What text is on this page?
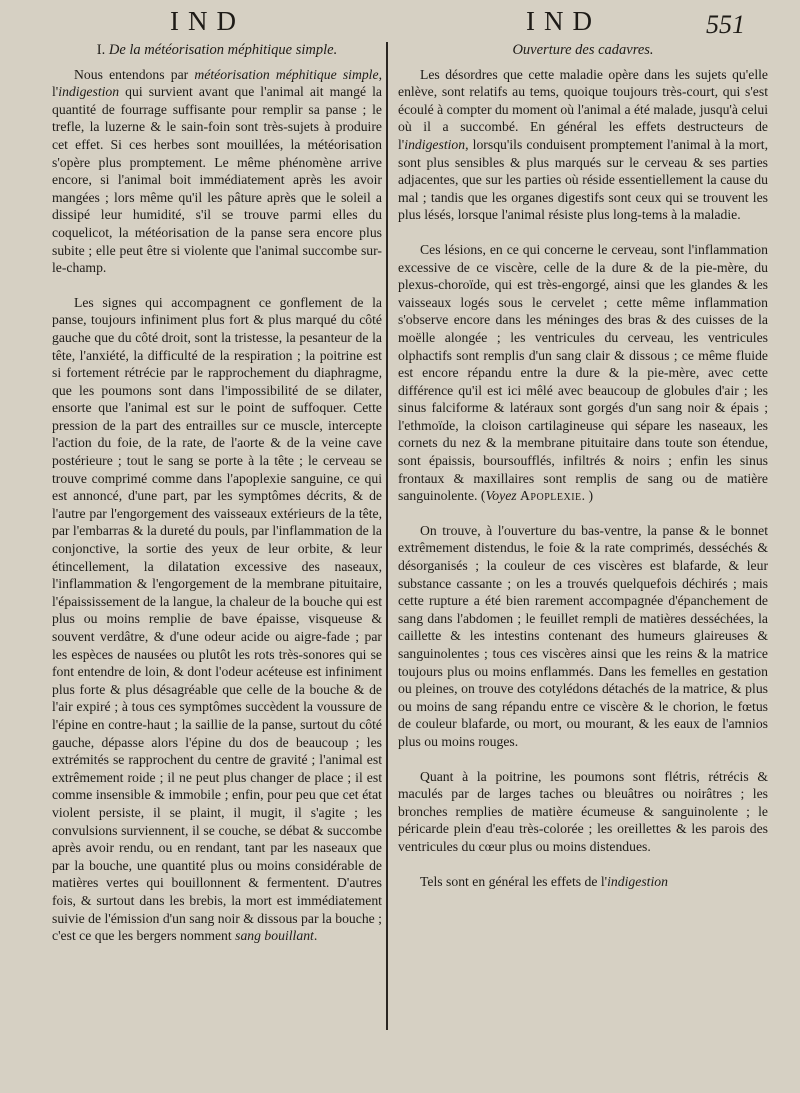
IND	IND	551
I. De la météorisation méphitique simple.

Nous entendons par météorisation méphitique simple, l'indigestion qui survient avant que l'animal ait mangé la quantité de fourrage suffisante pour remplir sa panse ; le trefle, la luzerne & le sain-foin sont très-sujets à produire cet effet. Si ces herbes sont mouillées, la météorisation s'opère plus promptement. Le même phénomène arrive encore, si l'animal boit immédiatement après les avoir mangées ; lors même qu'il les pâture après que le soleil a dissipé leur humidité, s'il se trouve parmi elles du coquelicot, la météorisation de la panse sera encore plus subite ; elle peut être si violente que l'animal succombe sur-le-champ.

Les signes qui accompagnent ce gonflement de la panse, toujours infiniment plus fort & plus marqué du côté gauche que du côté droit, sont la tristesse, la pesanteur de la tête, l'anxiété, la difficulté de la respiration ; la poitrine est si fortement rétrécie par le rapprochement du diaphragme, que les poumons sont dans l'impossibilité de se dilater, ensorte que l'animal est sur le point de suffoquer. Cette pression de la part des entrailles sur ce muscle, intercepte l'action du foie, de la rate, de l'aorte & de la veine cave postérieure ; tout le sang se porte à la tête ; le cerveau se trouve comprimé comme dans l'apoplexie sanguine, ce qui est annoncé, d'une part, par les symptômes décrits, & de l'autre par l'engorgement des vaisseaux extérieurs de la tête, par l'embarras & la dureté du pouls, par l'inflammation de la conjonctive, la sortie des yeux de leur orbite, & leur étincellement, la dilatation excessive des naseaux, l'inflammation & l'engorgement de la membrane pituitaire, l'épaississement de la langue, la chaleur de la bouche qui est plus ou moins remplie de bave épaisse, visqueuse & souvent verdâtre, & d'une odeur acide ou aigre-fade ; par les espèces de nausées ou plutôt les rots très-sonores qui se font entendre de loin, & dont l'odeur acéteuse est infiniment plus forte & plus désagréable que celle de la bouche & de l'air expiré ; à tous ces symptômes succèdent la voussure de l'épine en contre-haut ; la saillie de la panse, surtout du côté gauche, dépasse alors l'épine du dos de beaucoup ; les extrémités se rapprochent du centre de gravité ; l'animal est extrêmement roide ; il ne peut plus changer de place ; il est comme insensible & immobile ; enfin, pour peu que cet état violent persiste, il se plaint, il mugit, il s'agite ; les convulsions surviennent, il se couche, se débat & succombe après avoir rendu, ou en rendant, tant par les naseaux que par la bouche, une quantité plus ou moins considérable de matières vertes qui bouillonnent & fermentent. D'autres fois, & surtout dans les brebis, la mort est immédiatement suivie de l'émission d'un sang noir & dissous par la bouche ; c'est ce que les bergers nomment sang bouillant.

Ouverture des cadavres.

Les désordres que cette maladie opère dans les sujets qu'elle enlève, sont relatifs au tems, quoique toujours très-court, qui s'est écoulé à compter du moment où l'animal a été malade, jusqu'à celui où il a succombé. En général les effets destructeurs de l'indigestion, lorsqu'ils conduisent promptement l'animal à la mort, sont plus sensibles & plus marqués sur le cerveau & ses parties adjacentes, que sur les parties où réside essentiellement la cause du mal ; tandis que les organes digestifs sont ceux qui se trouvent les plus lésés, lorsque l'animal résiste plus long-tems à la maladie.

Ces lésions, en ce qui concerne le cerveau, sont l'inflammation excessive de ce viscère, celle de la dure & de la pie-mère, du plexus-choroïde, qui est très-engorgé, ainsi que les glandes & les vaisseaux logés sous le cervelet ; cette même inflammation s'observe encore dans les méninges des bras & des cuisses de la moëlle alongée ; les ventricules du cerveau, les ventricules olphactifs sont remplis d'un sang clair & dissous ; ce même fluide est encore répandu entre la dure & la pie-mère, avec cette différence qu'il est ici mêlé avec beaucoup de globules d'air ; les sinus falciforme & latéraux sont gorgés d'un sang noir & épais ; l'ethmoïde, la cloison cartilagineuse qui sépare les naseaux, les cornets du nez & la membrane pituitaire dans toute son étendue, sont épaissis, boursoufflés, infiltrés & noirs ; enfin les sinus frontaux & maxillaires sont remplis de sang ou de matière sanguinolente. (Voyez Apoplexie. )

On trouve, à l'ouverture du bas-ventre, la panse & le bonnet extrêmement distendus, le foie & la rate comprimés, desséchés & désorganisés ; la couleur de ces viscères est blafarde, & leur substance cassante ; on les a trouvés quelquefois déchirés ; mais cette rupture a été bien rarement accompagnée d'épanchement de sang dans l'abdomen ; le feuillet rempli de matières desséchées, la caillette & les intestins contenant des humeurs glaireuses & sanguinolentes ; tous ces viscères ainsi que les reins & la matrice toujours plus ou moins enflammés. Dans les femelles en gestation ou pleines, on trouve des cotylédons détachés de la matrice, & plus ou moins de sang répandu entre ce viscère & le chorion, le fœtus de couleur blafarde, ou mort, ou mourant, & les eaux de l'amnios plus ou moins rouges.

Quant à la poitrine, les poumons sont flétris, rétrécis & maculés par de larges taches ou bleuâtres ou noirâtres ; les bronches remplies de matière écumeuse & sanguinolente ; le péricarde plein d'eau très-colorée ; les oreillettes & les parois des ventricules du cœur plus ou moins distendues.

Tels sont en général les effets de l'indigestion
